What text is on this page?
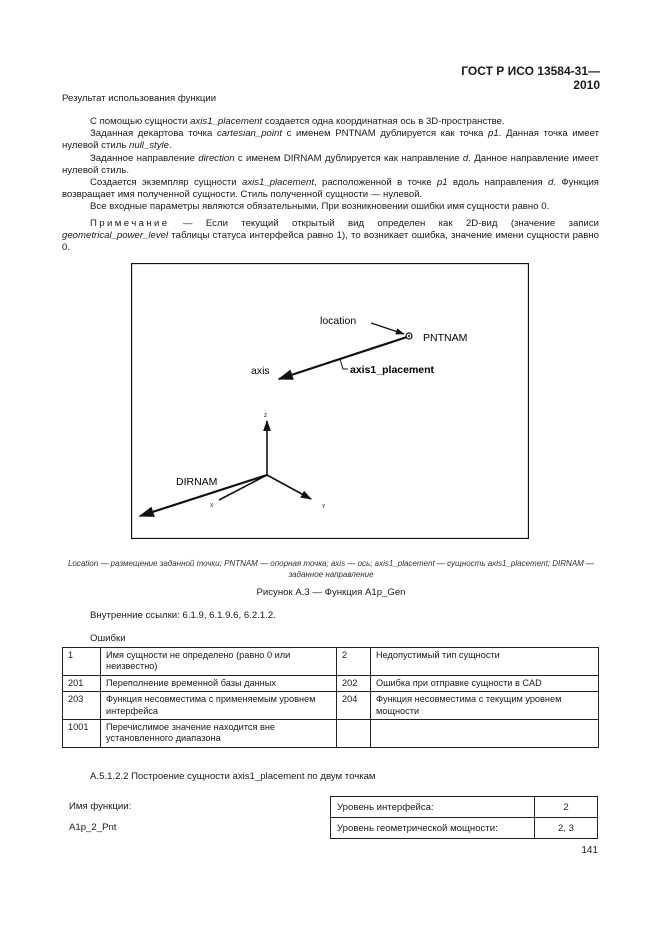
ГОСТ Р ИСО 13584-31—2010
Результат использования функции
С помощью сущности axis1_placement создается одна координатная ось в 3D-пространстве.
Заданная декартова точка cartesian_point с именем PNTNAM дублируется как точка p1. Данная точка имеет нулевой стиль null_style.
Заданное направление direction с именем DIRNAM дублируется как направление d. Данное направление имеет нулевой стиль.
Создается экземпляр сущности axis1_placement, расположенной в точке p1 вдоль направления d. Функция возвращает имя полученной сущности. Стиль полученной сущности — нулевой.
Все входные параметры являются обязательными. При возникновении ошибки имя сущности равно 0.
Примечание — Если текущий открытый вид определен как 2D-вид (значение записи geometrical_power_level таблицы статуса интерфейса равно 1), то возникает ошибка, значение имени сущности равно 0.
location
PNTNAM
axis	axis1_placement
Z
X	Y
DIRNAM
Location — размещение заданной точки; PNTNAM — опорная точка; axis — ось; axis1_placement — сущность axis1_placement; DIRNAM — заданное направление
Рисунок А.3 — Функция A1p_Gen
Внутренние ссылки: 6.1.9, 6.1.9.6, 6.2.1.2.
Ошибки
1	Имя сущности не определено (равно 0 или неизвестно)	2	Недопустимый тип сущности
201	Переполнение временной базы данных	202	Ошибка при отправке сущности в CAD
203	Функция несовместима с применяемым уровнем интерфейса	204	Функция несовместима с текущим уровнем мощности
1001	Перечислимое значение находится вне установленного диапазона		
А.5.1.2.2 Построение сущности axis1_placement по двум точкам
Имя функции:
A1p_2_Pnt
Уровень интерфейса:	2
Уровень геометрической мощности:	2, 3
141
